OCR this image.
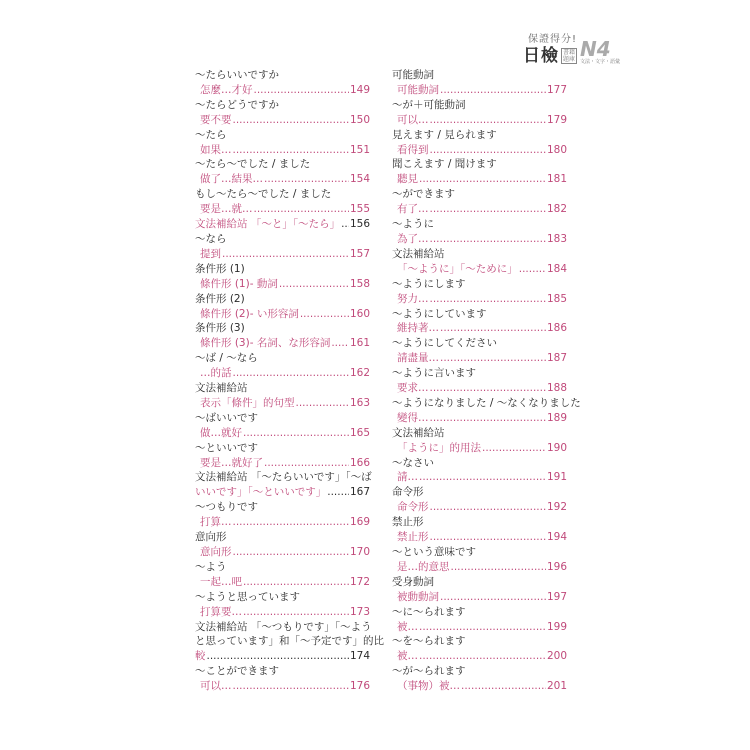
保證得分!
日檢 書籍
題庫 N4
文法・文字・語彙
〜たらいいですか
怎麼…才好 .....	149
〜たらどうですか
要不要 .....	150
〜たら
如果… .....	151
〜たら〜でした / ました
做了…結果… .....	154
もし〜たら〜でした / ました
要是…就… .....	155
文法補給站 「〜と」「〜たら」 ..... 156
〜なら
提到 .....	157
条件形 (1)
條件形 (1)- 動詞 .....	158
条件形 (2)
條件形 (2)- い形容詞 .....	160
条件形 (3)
條件形 (3)- 名詞、な形容詞 ..... 161
〜ば / 〜なら
…的話 .....	162
文法補給站
表示「條件」的句型 .....	163
〜ばいいです
做…就好 .....	165
〜といいです
要是…就好了 .....	166
文法補給站 「〜たらいいです」「〜ば
いいです」「〜といいです」 ..... 167
〜つもりです
打算… .....	169
意向形
意向形 .....	170
〜よう
一起…吧 .....	172
〜ようと思っています
打算要… .....	173
文法補給站 「〜つもりです」「〜よう
と思っています」和「〜予定です」的比
較 .....	174
〜ことができます
可以… .....	176
可能動詞
可能動詞 .....	177
〜が＋可能動詞
可以… .....	179
見えます / 見られます
看得到 .....	180
聞こえます / 聞けます
聽見 .....	181
〜ができます
有了… .....	182
〜ように
為了… .....	183
文法補給站
「〜ように」「〜ために」 .....	184
〜ようにします
努力… .....	185
〜ようにしています
維持著… .....	186
〜ようにしてください
請盡量… .....	187
〜ように言います
要求… .....	188
〜ようになりました / 〜なくなりました
變得… .....	189
文法補給站
「ように」的用法 .....	190
〜なさい
請… .....	191
命令形
命令形 .....	192
禁止形
禁止形 .....	194
〜という意味です
是…的意思 .....	196
受身動詞
被動動詞 .....	197
〜に〜られます
被… .....	199
〜を〜られます
被… .....	200
〜が〜られます
（事物）被… .....	201
